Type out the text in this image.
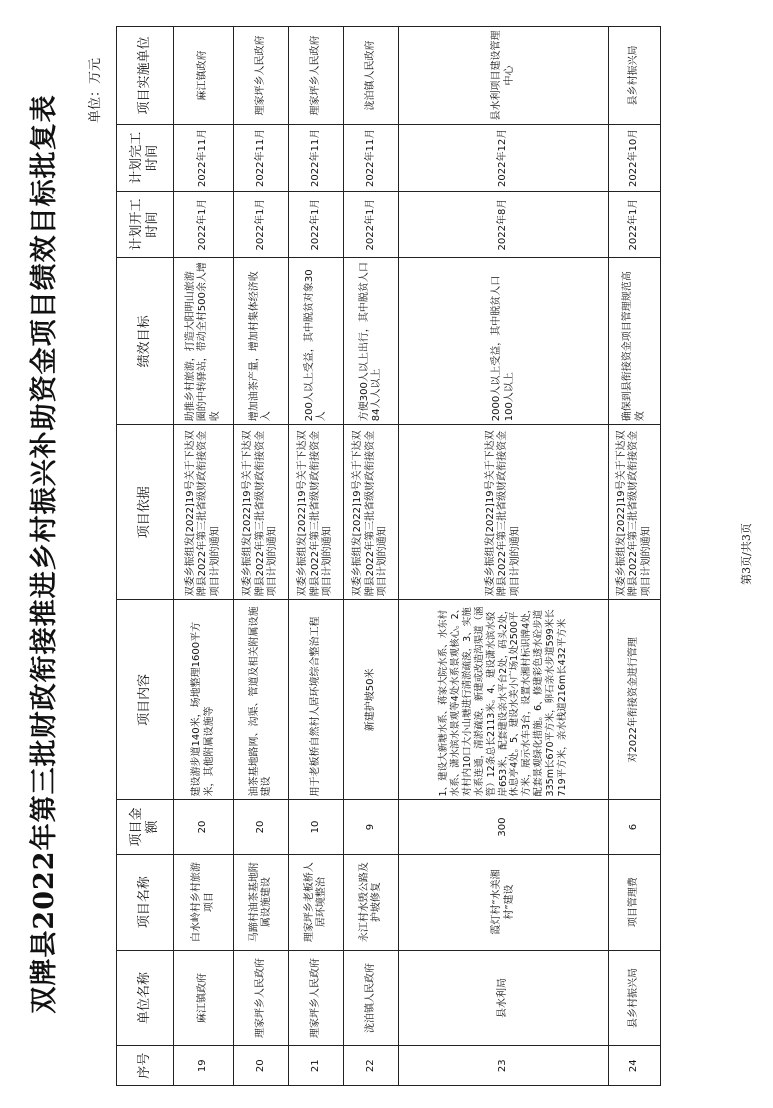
双牌县2022年第三批财政衔接推进乡村振兴补助资金项目绩效目标批复表
单位：万元
序号	单位名称	项目名称	项目金额	项目内容	项目依据	绩效目标	计划开工时间	计划完工时间	项目实施单位
19	麻江镇政府	白水岭村乡村旅游项目	20	建设游步道140米，场地整理1600平方米，其他附属设施等	双委乡振组发[2022]19号关于下达双牌县2022年第三批省级财政衔接资金项目计划的通知	助推乡村旅游，打造大阳明山旅游圈的中转驿站，带动全村500余人增收	2022年1月	2022年11月	麻江镇政府
20	理家坪乡人民政府	马蹄村油茶基地附属设施建设	20	油茶基地路网、沟渠、管道及相关附属设施建设	双委乡振组发[2022]19号关于下达双牌县2022年第三批省级财政衔接资金项目计划的通知	增加油茶产量，增加村集体经济收入	2022年1月	2022年11月	理家坪乡人民政府
21	理家坪乡人民政府	理家坪乡老板桥人居环境整治	10	用于老板桥自然村人居环境综合整治工程	双委乡振组发[2022]19号关于下达双牌县2022年第三批省级财政衔接资金项目计划的通知	200人以上受益，其中脱贫对象30人	2022年1月	2022年11月	理家坪乡人民政府
22	泷泊镇人民政府	永江村水毁公路及护坡修复	9	新建护坡50米	双委乡振组发[2022]19号关于下达双牌县2022年第三批省级财政衔接资金项目计划的通知	方便300人以上出行，其中脱贫人口84人人以上	2022年1月	2022年11月	泷泊镇人民政府
23	县水利局	霞灯村“水美湘村”建设	300	1、建设大新塘水系、蒋家大院水系、水东村水系、潇水滨水景观等4处水系景观核心。2、对村内10口大小山塘进行清淤疏浚，3、实施水系连通，清淤疏浚，新建或改造沟渠道（涵管）12条总长2113米。4、建设潇水滨水驳岸653米，配套建设亲水平台2处，码头2处，休息亭4处。5、建设水美小广场1处2500平方米，展示水车3台，设置水湘村标识牌4处，配套景观绿化措施。6、修建彩色透水砼步道335m长670平方米，卵石亲水步道599米长719平方米，亲水栈道216m长432平方米	双委乡振组发[2022]19号关于下达双牌县2022年第三批省级财政衔接资金项目计划的通知	2000人以上受益，其中脱贫人口100人以上	2022年8月	2022年12月	县水利项目建设管理中心
24	县乡村振兴局	项目管理费	6	对2022年衔接资金进行管理	双委乡振组发[2022]19号关于下达双牌县2022年第三批省级财政衔接资金项目计划的通知	确保到县衔接资金项目管理规范高效	2022年1月	2022年10月	县乡村振兴局
第3页/共3页
